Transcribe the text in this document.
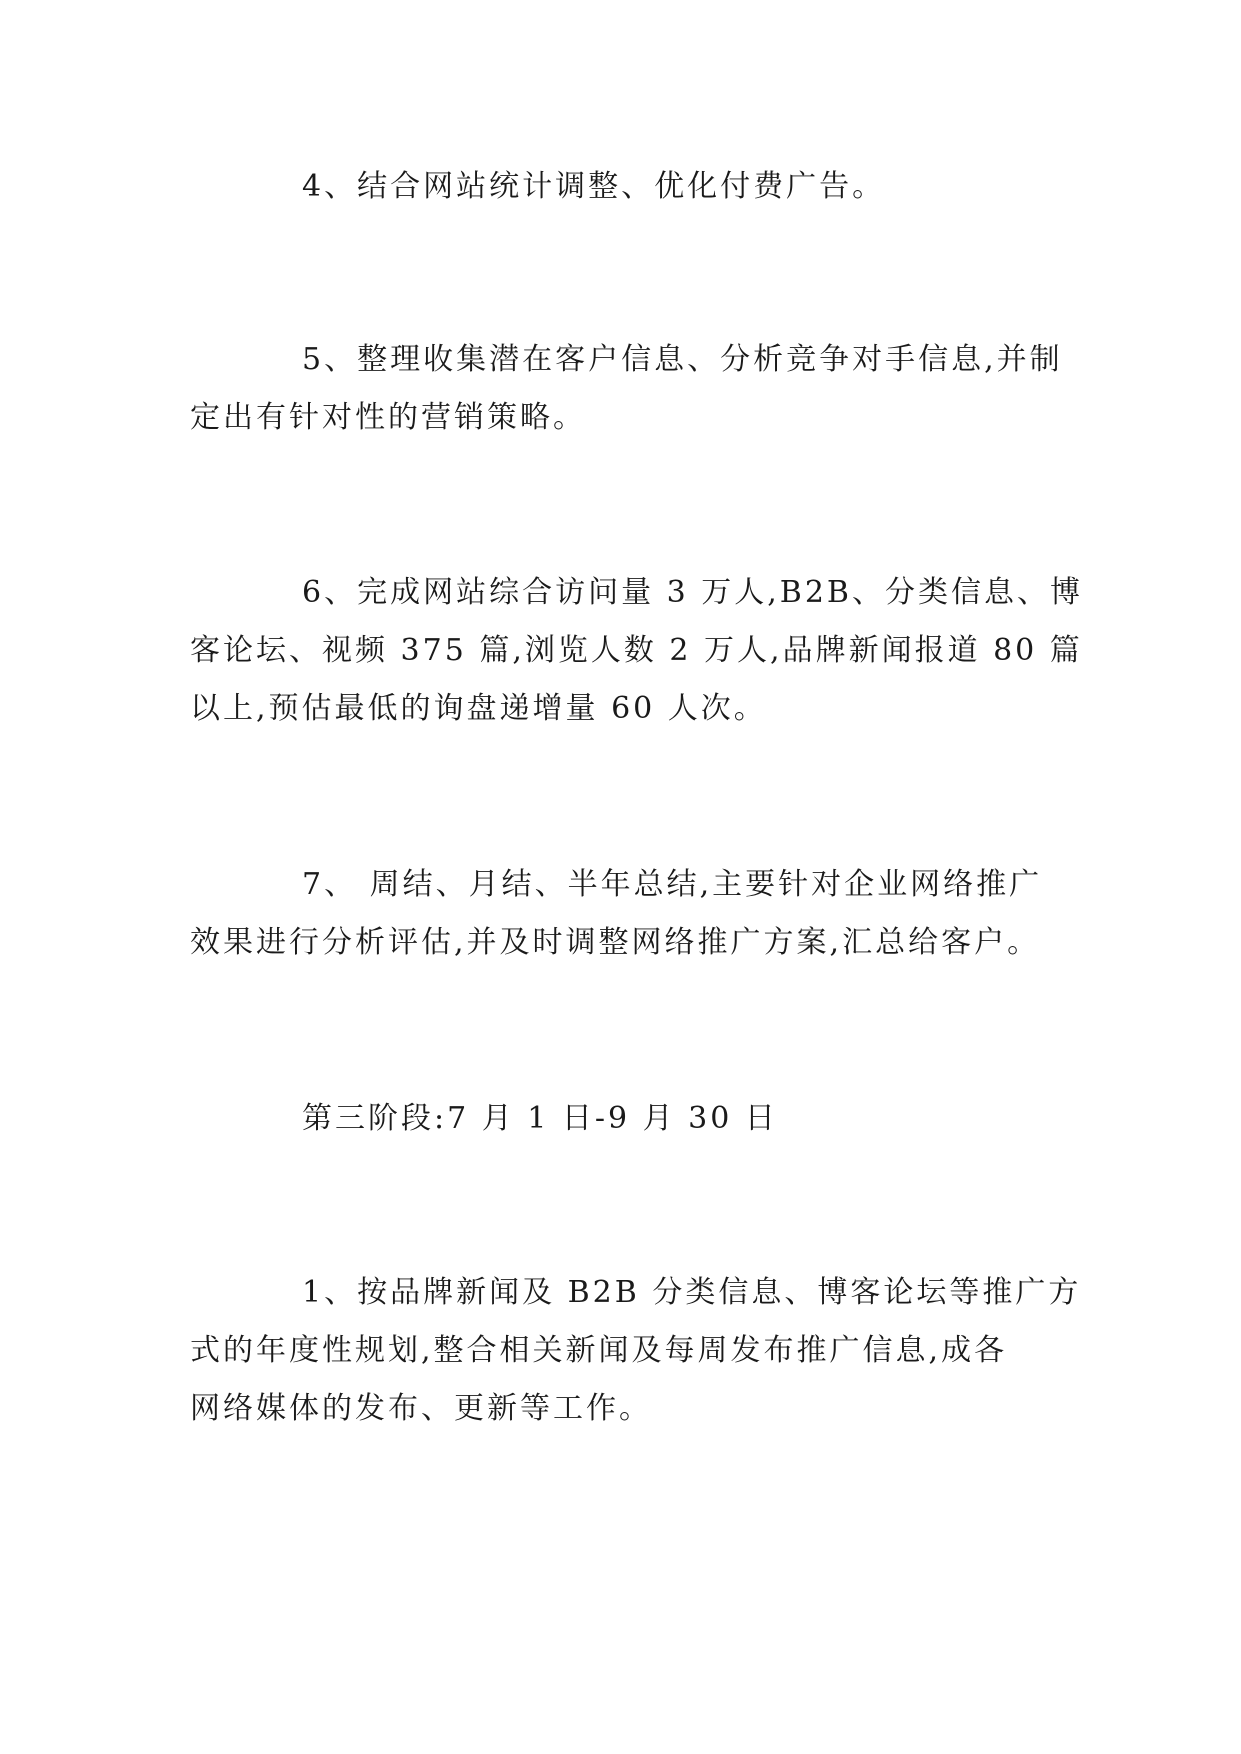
4、结合网站统计调整、优化付费广告。

5、整理收集潜在客户信息、分析竞争对手信息,并制
定出有针对性的营销策略。

6、完成网站综合访问量 3 万人,B2B、分类信息、博
客论坛、视频 375 篇,浏览人数 2 万人,品牌新闻报道 80 篇
以上,预估最低的询盘递增量 60 人次。

7、 周结、月结、半年总结,主要针对企业网络推广
效果进行分析评估,并及时调整网络推广方案,汇总给客户。

第三阶段:7 月 1 日-9 月 30 日

1、按品牌新闻及 B2B 分类信息、博客论坛等推广方
式的年度性规划,整合相关新闻及每周发布推广信息,成各
网络媒体的发布、更新等工作。
